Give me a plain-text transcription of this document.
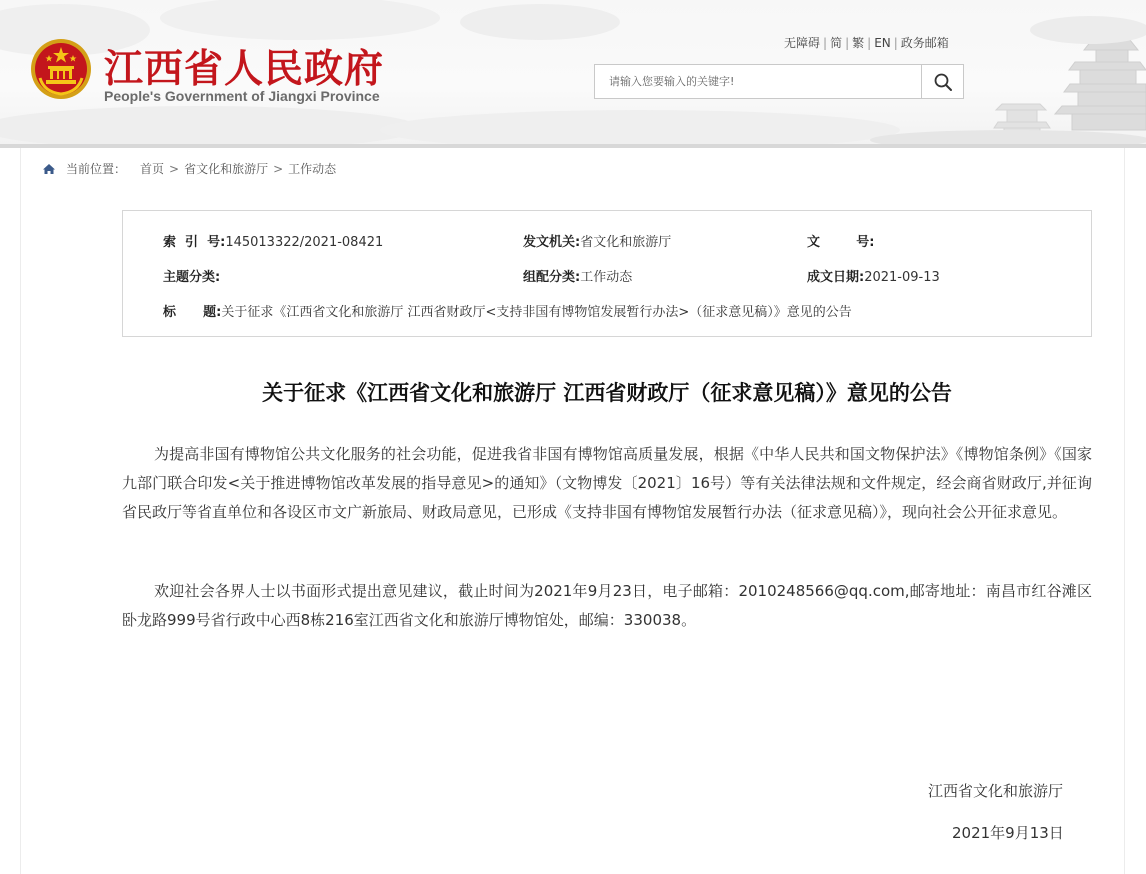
江西省人民政府
People's Government of Jiangxi Province
无障碍 | 简 | 繁 | EN | 政务邮箱
请输入您要输入的关键字!
当前位置： 首页 > 省文化和旅游厅 > 工作动态
索  引  号:145013322/2021-08421	发文机关:省文化和旅游厅	文        号:
主题分类:	组配分类:工作动态	成文日期:2021-09-13
标      题:关于征求《江西省文化和旅游厅 江西省财政厅<支持非国有博物馆发展暂行办法>（征求意见稿）》意见的公告
关于征求《江西省文化和旅游厅 江西省财政厅（征求意见稿）》意见的公告

为提高非国有博物馆公共文化服务的社会功能，促进我省非国有博物馆高质量发展，根据《中华人民共和国文物保护法》《博物馆条例》《国家九部门联合印发<关于推进博物馆改革发展的指导意见>的通知》（文物博发〔2021〕16号）等有关法律法规和文件规定，经会商省财政厅,并征询省民政厅等省直单位和各设区市文广新旅局、财政局意见，已形成《支持非国有博物馆发展暂行办法（征求意见稿）》，现向社会公开征求意见。

欢迎社会各界人士以书面形式提出意见建议，截止时间为2021年9月23日，电子邮箱：2010248566@qq.com,邮寄地址：南昌市红谷滩区卧龙路999号省行政中心西8栋216室江西省文化和旅游厅博物馆处，邮编：330038。

江西省文化和旅游厅
2021年9月13日
